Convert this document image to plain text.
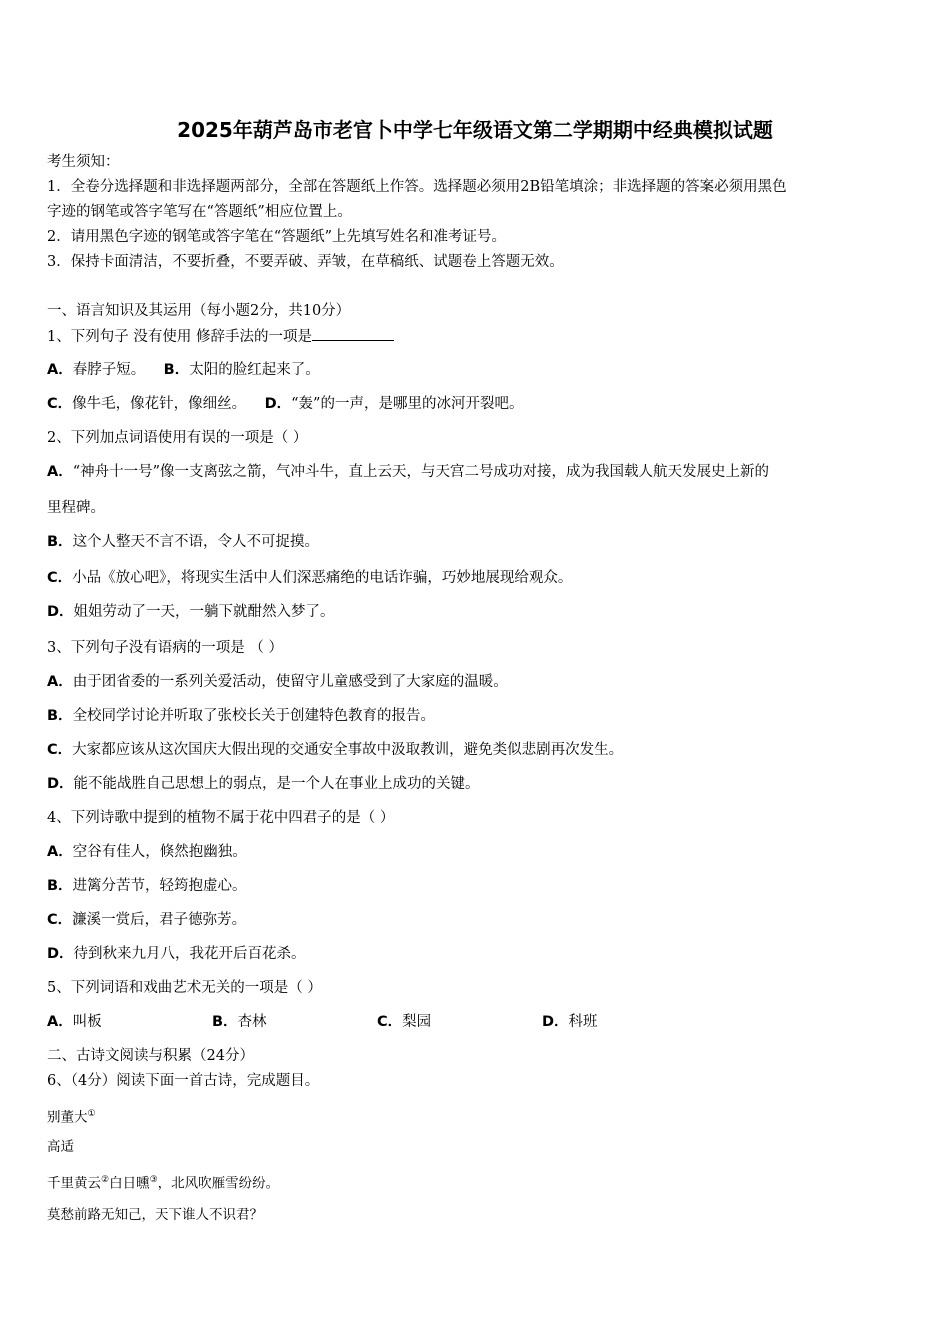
2025年葫芦岛市老官卜中学七年级语文第二学期期中经典模拟试题
考生须知：
1．全卷分选择题和非选择题两部分，全部在答题纸上作答。选择题必须用2B铅笔填涂；非选择题的答案必须用黑色
字迹的钢笔或答字笔写在“答题纸”相应位置上。
2．请用黑色字迹的钢笔或答字笔在“答题纸”上先填写姓名和准考证号。
3．保持卡面清洁，不要折叠，不要弄破、弄皱，在草稿纸、试题卷上答题无效。
一、语言知识及其运用（每小题2分，共10分）
1、下列句子 没有使用 修辞手法的一项是
A．春脖子短。 B．太阳的脸红起来了。
C．像牛毛，像花针，像细丝。 D．“轰”的一声，是哪里的冰河开裂吧。
2、下列加点词语使用有误的一项是（ ）
A．“神舟十一号”像一支离弦之箭，气冲斗牛，直上云天，与天宫二号成功对接，成为我国载人航天发展史上新的
里程碑。
B．这个人整天不言不语，令人不可捉摸。
C．小品《放心吧》，将现实生活中人们深恶痛绝的电话诈骗，巧妙地展现给观众。
D．姐姐劳动了一天，一躺下就酣然入梦了。
3、下列句子没有语病的一项是 （ ）
A．由于团省委的一系列关爱活动，使留守儿童感受到了大家庭的温暖。
B．全校同学讨论并听取了张校长关于创建特色教育的报告。
C．大家都应该从这次国庆大假出现的交通安全事故中汲取教训，避免类似悲剧再次发生。
D．能不能战胜自己思想上的弱点，是一个人在事业上成功的关键。
4、下列诗歌中提到的植物不属于花中四君子的是（ ）
A．空谷有佳人，倏然抱幽独。
B．进篱分苦节，轻筠抱虚心。
C．濂溪一赏后，君子德弥芳。
D．待到秋来九月八，我花开后百花杀。
5、下列词语和戏曲艺术无关的一项是（ ）
A．叫板	B．杏林	C．梨园	D．科班
二、古诗文阅读与积累（24分）
6、（4分）阅读下面一首古诗，完成题目。
别董大①
高适
千里黄云②白日曛③，北风吹雁雪纷纷。
莫愁前路无知己，天下谁人不识君？
